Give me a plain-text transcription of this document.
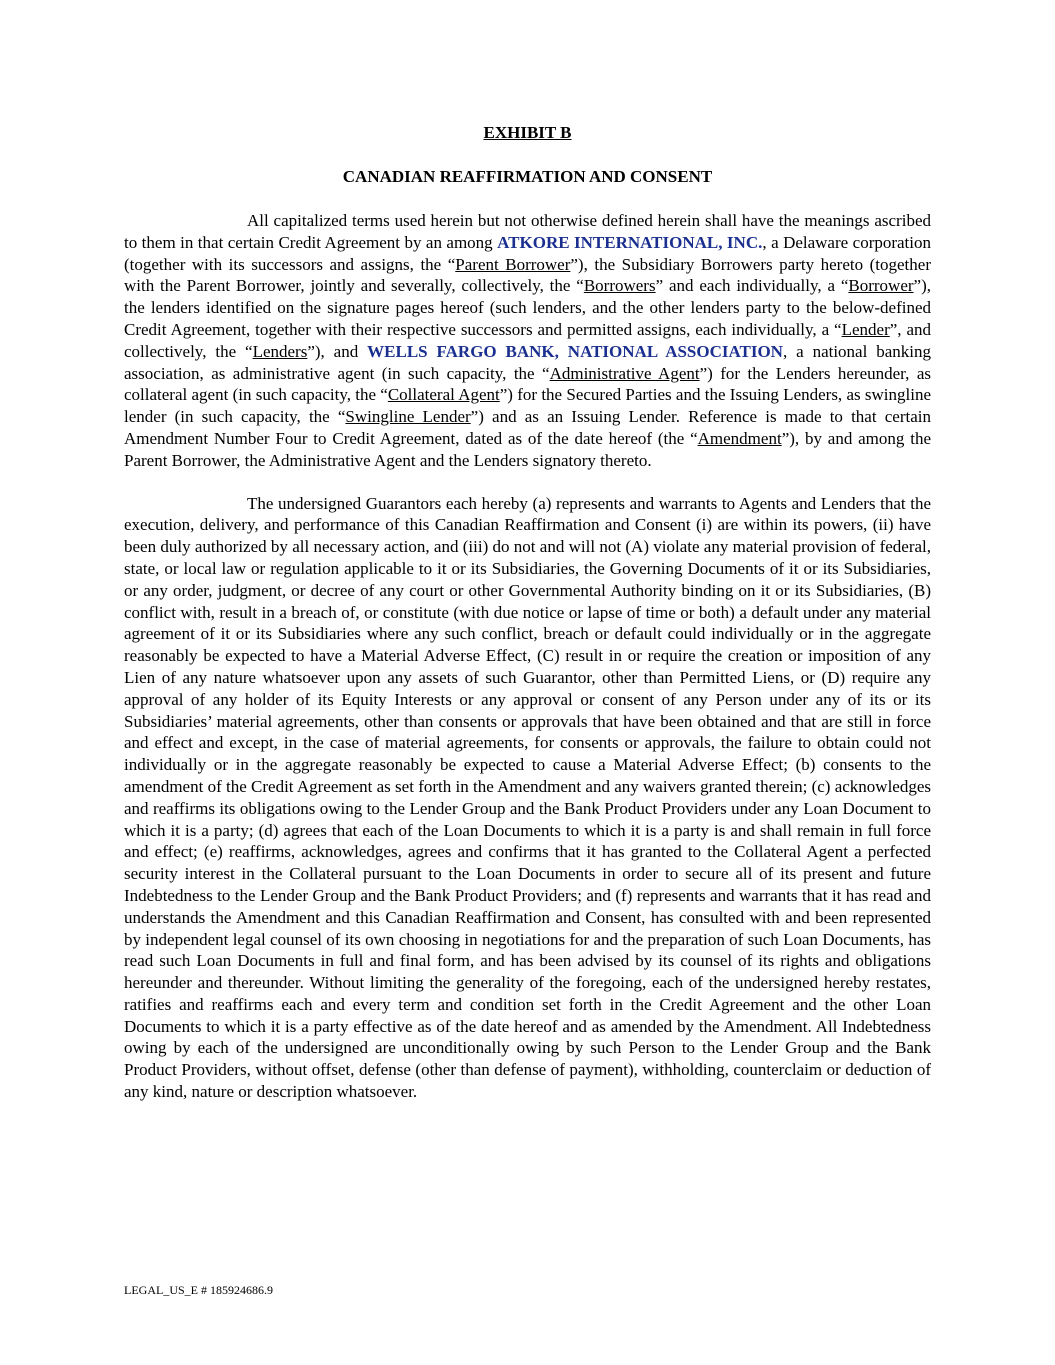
EXHIBIT B
CANADIAN REAFFIRMATION AND CONSENT

All capitalized terms used herein but not otherwise defined herein shall have the meanings ascribed to them in that certain Credit Agreement by an among ATKORE INTERNATIONAL, INC., a Delaware corporation (together with its successors and assigns, the “Parent Borrower”), the Subsidiary Borrowers party hereto (together with the Parent Borrower, jointly and severally, collectively, the “Borrowers” and each individually, a “Borrower”), the lenders identified on the signature pages hereof (such lenders, and the other lenders party to the below-defined Credit Agreement, together with their respective successors and permitted assigns, each individually, a “Lender”, and collectively, the “Lenders”), and WELLS FARGO BANK, NATIONAL ASSOCIATION, a national banking association, as administrative agent (in such capacity, the “Administrative Agent”) for the Lenders hereunder, as collateral agent (in such capacity, the “Collateral Agent”) for the Secured Parties and the Issuing Lenders, as swingline lender (in such capacity, the “Swingline Lender”) and as an Issuing Lender. Reference is made to that certain Amendment Number Four to Credit Agreement, dated as of the date hereof (the “Amendment”), by and among the Parent Borrower, the Administrative Agent and the Lenders signatory thereto.

The undersigned Guarantors each hereby (a) represents and warrants to Agents and Lenders that the execution, delivery, and performance of this Canadian Reaffirmation and Consent (i) are within its powers, (ii) have been duly authorized by all necessary action, and (iii) do not and will not (A) violate any material provision of federal, state, or local law or regulation applicable to it or its Subsidiaries, the Governing Documents of it or its Subsidiaries, or any order, judgment, or decree of any court or other Governmental Authority binding on it or its Subsidiaries, (B) conflict with, result in a breach of, or constitute (with due notice or lapse of time or both) a default under any material agreement of it or its Subsidiaries where any such conflict, breach or default could individually or in the aggregate reasonably be expected to have a Material Adverse Effect, (C) result in or require the creation or imposition of any Lien of any nature whatsoever upon any assets of such Guarantor, other than Permitted Liens, or (D) require any approval of any holder of its Equity Interests or any approval or consent of any Person under any of its or its Subsidiaries’ material agreements, other than consents or approvals that have been obtained and that are still in force and effect and except, in the case of material agreements, for consents or approvals, the failure to obtain could not individually or in the aggregate reasonably be expected to cause a Material Adverse Effect; (b) consents to the amendment of the Credit Agreement as set forth in the Amendment and any waivers granted therein; (c) acknowledges and reaffirms its obligations owing to the Lender Group and the Bank Product Providers under any Loan Document to which it is a party; (d) agrees that each of the Loan Documents to which it is a party is and shall remain in full force and effect; (e) reaffirms, acknowledges, agrees and confirms that it has granted to the Collateral Agent a perfected security interest in the Collateral pursuant to the Loan Documents in order to secure all of its present and future Indebtedness to the Lender Group and the Bank Product Providers; and (f) represents and warrants that it has read and understands the Amendment and this Canadian Reaffirmation and Consent, has consulted with and been represented by independent legal counsel of its own choosing in negotiations for and the preparation of such Loan Documents, has read such Loan Documents in full and final form, and has been advised by its counsel of its rights and obligations hereunder and thereunder. Without limiting the generality of the foregoing, each of the undersigned hereby restates, ratifies and reaffirms each and every term and condition set forth in the Credit Agreement and the other Loan Documents to which it is a party effective as of the date hereof and as amended by the Amendment. All Indebtedness owing by each of the undersigned are unconditionally owing by such Person to the Lender Group and the Bank Product Providers, without offset, defense (other than defense of payment), withholding, counterclaim or deduction of any kind, nature or description whatsoever.

LEGAL_US_E # 185924686.9
